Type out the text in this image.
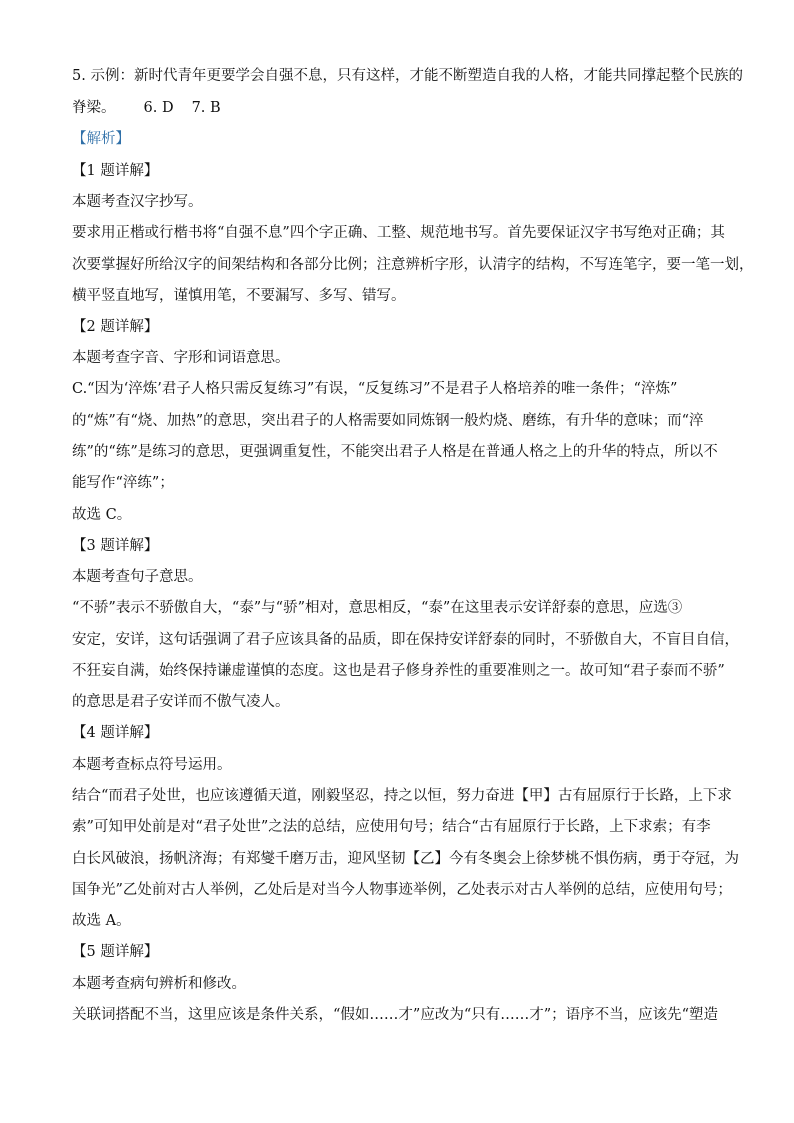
5. 示例：新时代青年更要学会自强不息，只有这样，才能不断塑造自我的人格，才能共同撑起整个民族的
脊梁。 6. D 7. B
【解析】
【1 题详解】
本题考查汉字抄写。
要求用正楷或行楷书将“自强不息”四个字正确、工整、规范地书写。首先要保证汉字书写绝对正确；其
次要掌握好所给汉字的间架结构和各部分比例；注意辨析字形，认清字的结构，不写连笔字，要一笔一划，
横平竖直地写，谨慎用笔，不要漏写、多写、错写。
【2 题详解】
本题考查字音、字形和词语意思。
C.“因为‘淬炼’君子人格只需反复练习”有误，“反复练习”不是君子人格培养的唯一条件；“淬炼”
的“炼”有“烧、加热”的意思，突出君子的人格需要如同炼钢一般灼烧、磨练，有升华的意味；而“淬
练”的“练”是练习的意思，更强调重复性，不能突出君子人格是在普通人格之上的升华的特点，所以不
能写作“淬练”；
故选 C。
【3 题详解】
本题考查句子意思。
“不骄”表示不骄傲自大，“泰”与“骄”相对，意思相反，“泰”在这里表示安详舒泰的意思，应选③
安定，安详，这句话强调了君子应该具备的品质，即在保持安详舒泰的同时，不骄傲自大，不盲目自信，
不狂妄自满，始终保持谦虚谨慎的态度。这也是君子修身养性的重要准则之一。故可知“君子泰而不骄”
的意思是君子安详而不傲气凌人。
【4 题详解】
本题考查标点符号运用。
结合“而君子处世，也应该遵循天道，刚毅坚忍，持之以恒，努力奋进【甲】古有屈原行于长路，上下求
索”可知甲处前是对“君子处世”之法的总结，应使用句号；结合“古有屈原行于长路，上下求索；有李
白长风破浪，扬帆济海；有郑燮千磨万击，迎风坚韧【乙】今有冬奥会上徐梦桃不惧伤病，勇于夺冠，为
国争光”乙处前对古人举例，乙处后是对当今人物事迹举例，乙处表示对古人举例的总结，应使用句号；
故选 A。
【5 题详解】
本题考查病句辨析和修改。
关联词搭配不当，这里应该是条件关系，“假如……才”应改为“只有……才”；语序不当，应该先“塑造
